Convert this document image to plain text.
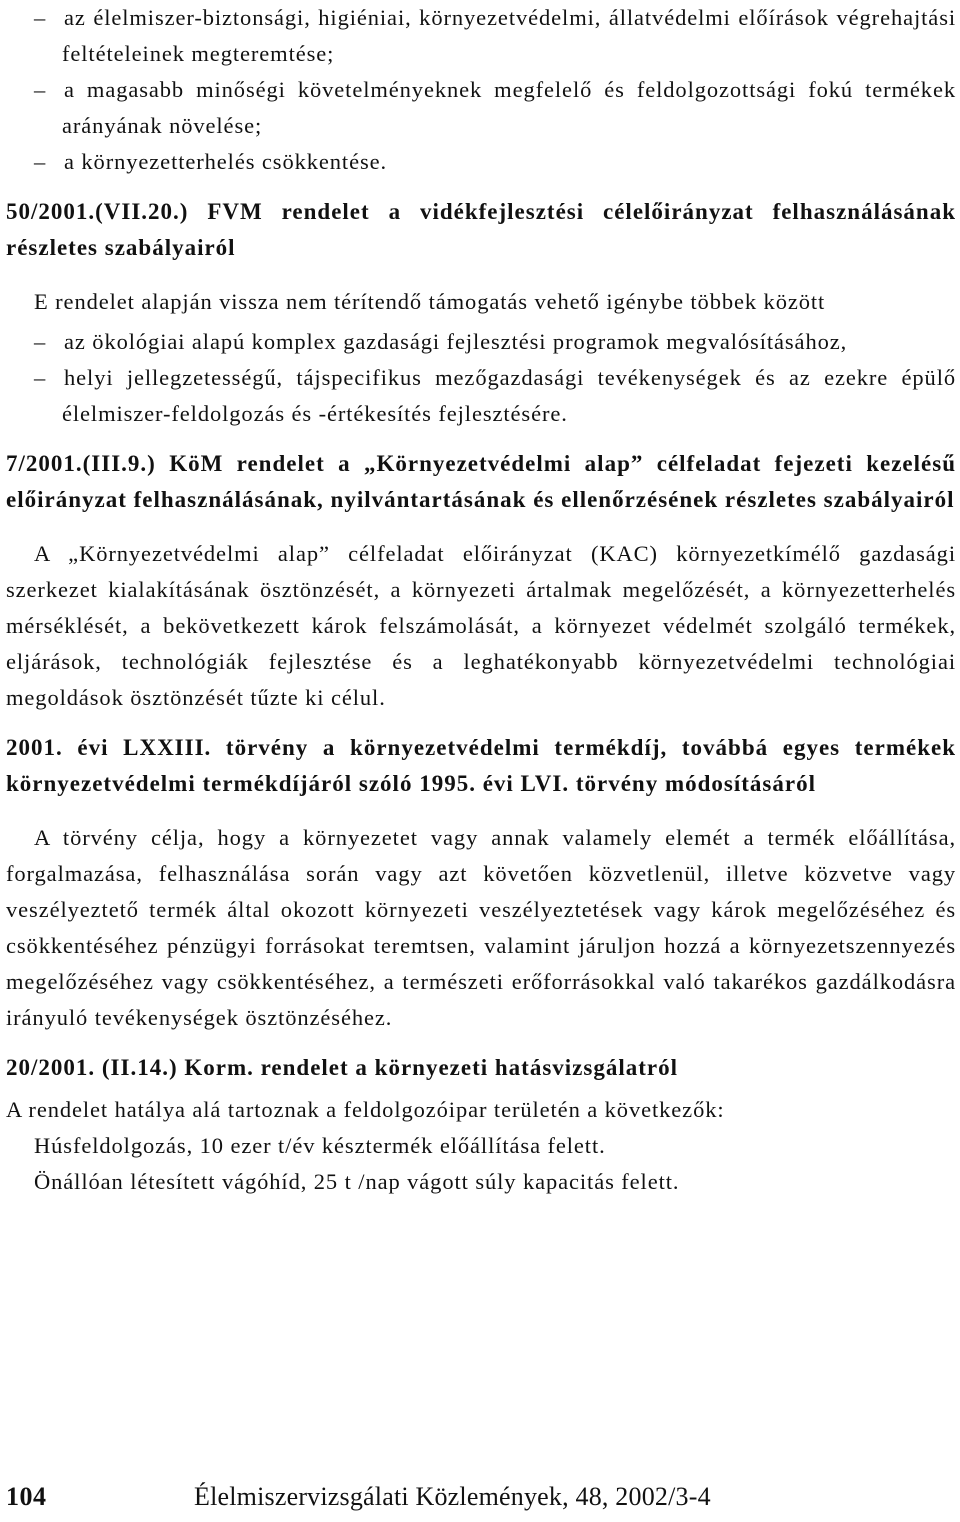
– az élelmiszer-biztonsági, higiéniai, környezetvédelmi, állatvédelmi előírások végrehajtási feltételeinek megteremtése;
– a magasabb minőségi követelményeknek megfelelő és feldolgozottsági fokú termékek arányának növelése;
– a környezetterhelés csökkentése.
50/2001.(VII.20.) FVM rendelet a vidékfejlesztési célelőirányzat felhasználásának részletes szabályairól

E rendelet alapján vissza nem térítendő támogatás vehető igénybe többek között

– az ökológiai alapú komplex gazdasági fejlesztési programok megvalósításához,
– helyi jellegzetességű, tájspecifikus mezőgazdasági tevékenységek és az ezekre épülő élelmiszer-feldolgozás és -értékesítés fejlesztésére.
7/2001.(III.9.) KöM rendelet a „Környezetvédelmi alap” célfeladat fejezeti kezelésű előirányzat felhasználásának, nyilvántartásának és ellenőrzésének részletes szabályairól

A „Környezetvédelmi alap” célfeladat előirányzat (KAC) környezetkímélő gazdasági szerkezet kialakításának ösztönzését, a környezeti ártalmak megelőzését, a környezetterhelés mérséklését, a bekövetkezett károk felszámolását, a környezet védelmét szolgáló termékek, eljárások, technológiák fejlesztése és a leghatékonyabb környezetvédelmi technológiai megoldások ösztönzését tűzte ki célul.

2001. évi LXXIII. törvény a környezetvédelmi termékdíj, továbbá egyes termékek környezetvédelmi termékdíjáról szóló 1995. évi LVI. törvény módosításáról

A törvény célja, hogy a környezetet vagy annak valamely elemét a termék előállítása, forgalmazása, felhasználása során vagy azt követően közvetlenül, illetve közvetve vagy veszélyeztető termék által okozott környezeti veszélyeztetések vagy károk megelőzéséhez és csökkentéséhez pénzügyi forrásokat teremtsen, valamint járuljon hozzá a környezetszennyezés megelőzéséhez vagy csökkentéséhez, a természeti erőforrásokkal való takarékos gazdálkodásra irányuló tevékenységek ösztönzéséhez.

20/2001. (II.14.) Korm. rendelet a környezeti hatásvizsgálatról

A rendelet hatálya alá tartoznak a feldolgozóipar területén a következők:

Húsfeldolgozás, 10 ezer t/év késztermék előállítása felett.

Önállóan létesített vágóhíd, 25 t /nap vágott súly kapacitás felett.

104	Élelmiszervizsgálati Közlemények, 48, 2002/3-4
